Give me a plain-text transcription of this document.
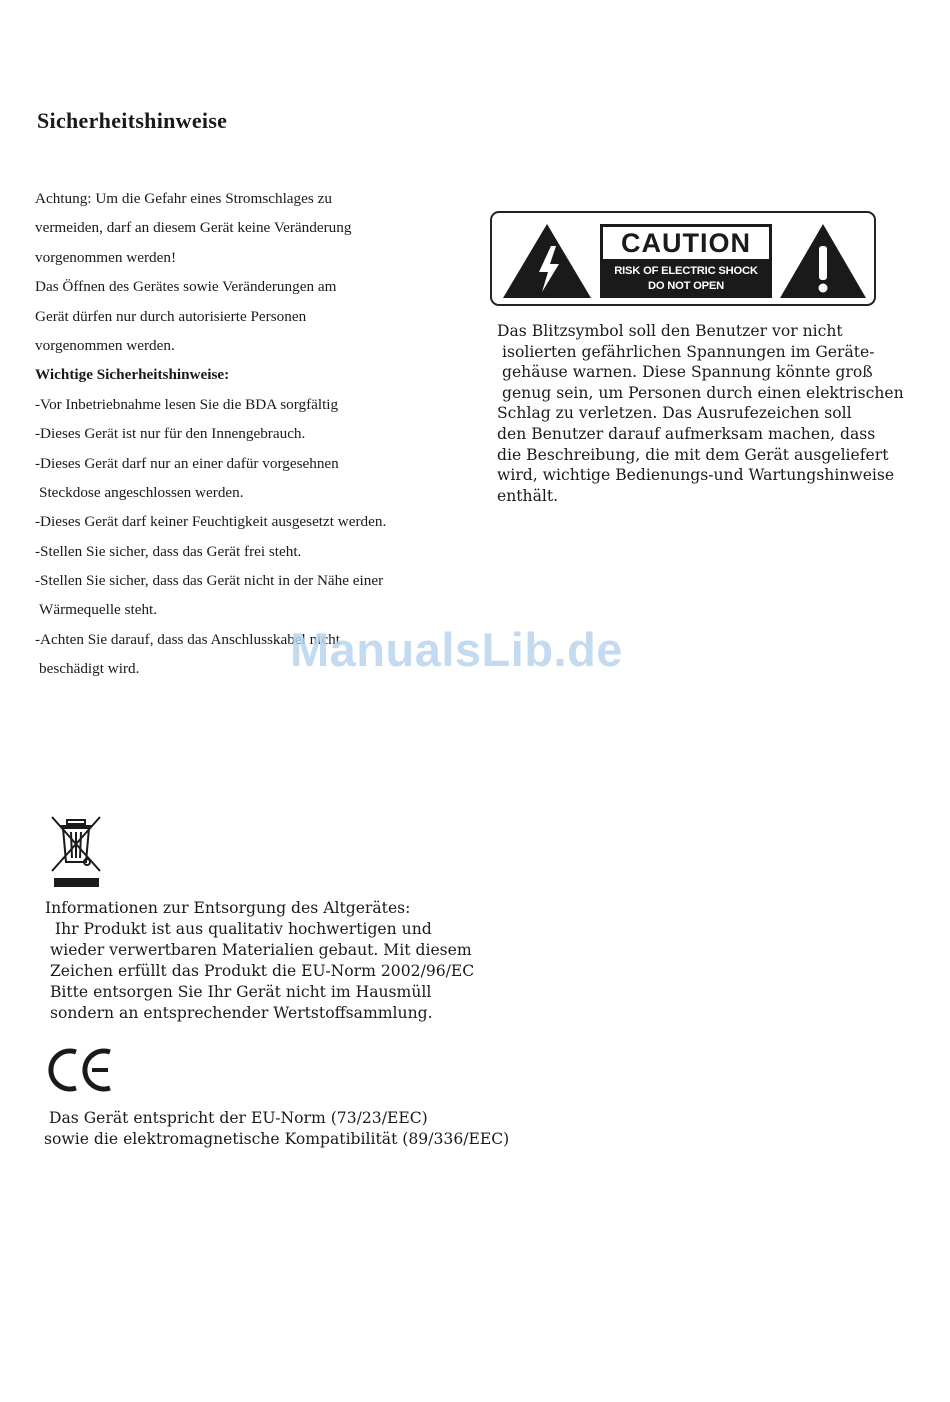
Sicherheitshinweise
Achtung: Um die Gefahr eines Stromschlages zu
vermeiden, darf an diesem Gerät keine Veränderung
vorgenommen werden!
Das Öffnen des Gerätes sowie Veränderungen am
Gerät dürfen nur durch autorisierte Personen
vorgenommen werden.
Wichtige Sicherheitshinweise:
-Vor Inbetriebnahme lesen Sie die BDA sorgfältig
-Dieses Gerät ist nur für den Innengebrauch.
-Dieses Gerät darf nur an einer dafür vorgesehnen
Steckdose angeschlossen werden.
-Dieses Gerät darf keiner Feuchtigkeit ausgesetzt werden.
-Stellen Sie sicher, dass das Gerät frei steht.
-Stellen Sie sicher, dass das Gerät nicht in der Nähe einer
Wärmequelle steht.
-Achten Sie darauf, dass das Anschlusskabel nicht
beschädigt wird.
CAUTION
RISK OF ELECTRIC SHOCK
DO NOT OPEN
Das Blitzsymbol soll den Benutzer vor nicht
isolierten gefährlichen Spannungen im Geräte-
gehäuse warnen. Diese Spannung könnte groß
genug sein, um Personen durch einen elektrischen
Schlag zu verletzen. Das Ausrufezeichen soll
den Benutzer darauf aufmerksam machen, dass
die Beschreibung, die mit dem Gerät ausgeliefert
wird, wichtige Bedienungs-und Wartungshinweise
enthält.
ManualsLib.de
Informationen zur Entsorgung des Altgerätes:
Ihr Produkt ist aus qualitativ hochwertigen und
wieder verwertbaren Materialien gebaut. Mit diesem
Zeichen erfüllt das Produkt die EU-Norm 2002/96/EC
Bitte entsorgen Sie Ihr Gerät nicht im Hausmüll
sondern an entsprechender Wertstoffsammlung.
Das Gerät entspricht der EU-Norm (73/23/EEC)
sowie die elektromagnetische Kompatibilität (89/336/EEC)
